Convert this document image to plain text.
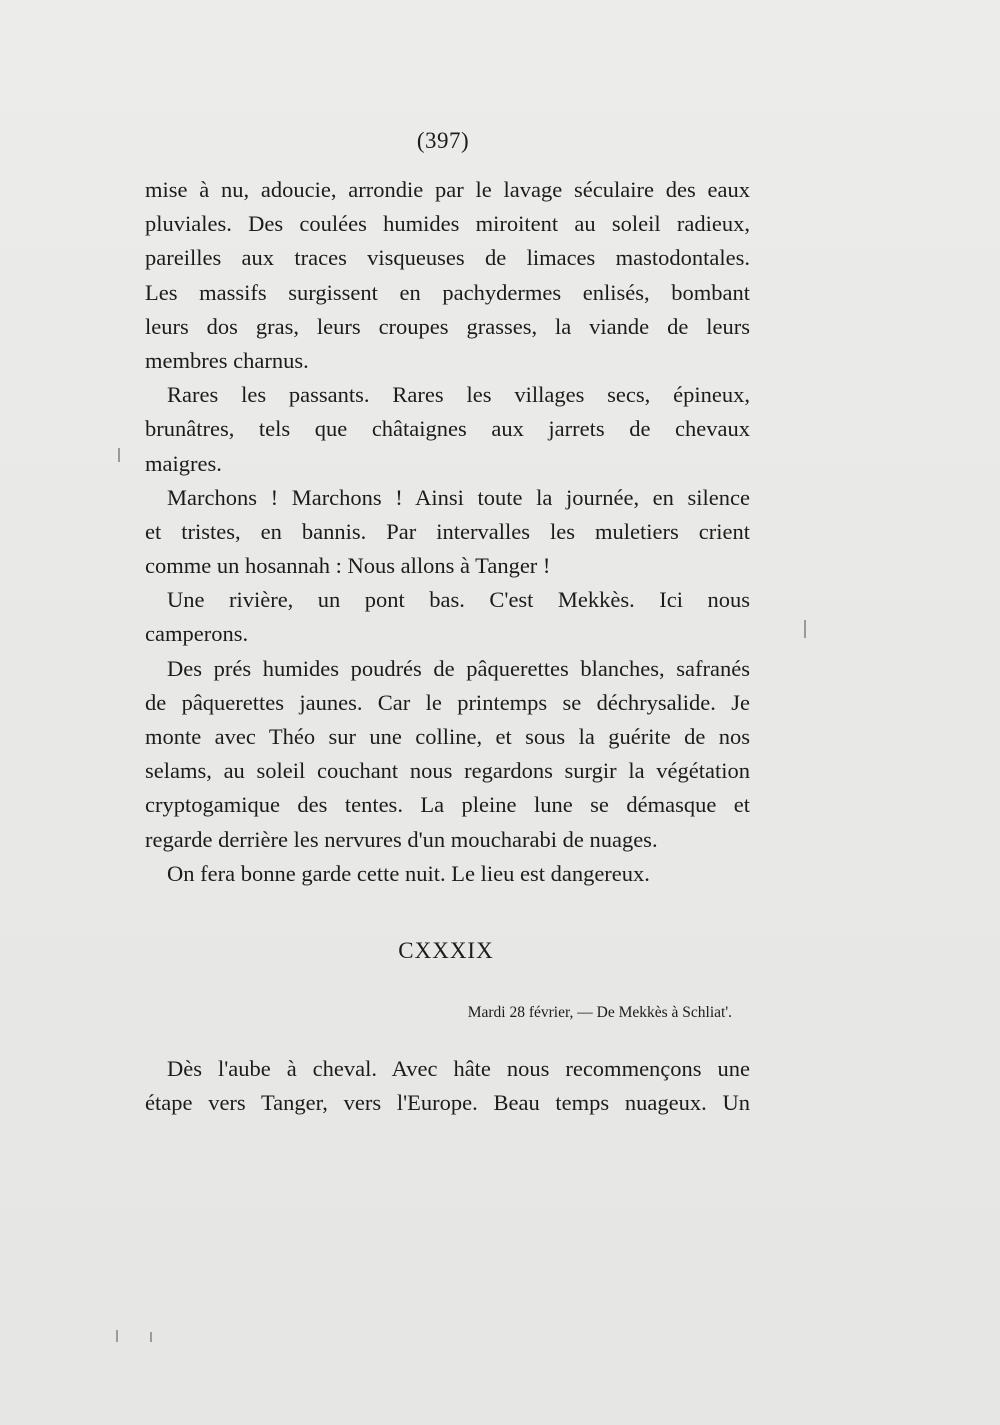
(397)
mise à nu, adoucie, arrondie par le lavage séculaire des eaux
pluviales. Des coulées humides miroitent au soleil radieux,
pareilles aux traces visqueuses de limaces mastodontales.
Les massifs surgissent en pachydermes enlisés, bombant
leurs dos gras, leurs croupes grasses, la viande de leurs
membres charnus.
Rares les passants. Rares les villages secs, épineux,
brunâtres, tels que châtaignes aux jarrets de chevaux
maigres.
Marchons ! Marchons ! Ainsi toute la journée, en silence
et tristes, en bannis. Par intervalles les muletiers crient
comme un hosannah : Nous allons à Tanger !
Une rivière, un pont bas. C'est Mekkès. Ici nous
camperons.
Des prés humides poudrés de pâquerettes blanches, safranés
de pâquerettes jaunes. Car le printemps se déchrysalide. Je
monte avec Théo sur une colline, et sous la guérite de nos
selams, au soleil couchant nous regardons surgir la végétation
cryptogamique des tentes. La pleine lune se démasque et
regarde derrière les nervures d'un moucharabi de nuages.
On fera bonne garde cette nuit. Le lieu est dangereux.
CXXXIX
Mardi 28 février, — De Mekkès à Schliat'.
Dès l'aube à cheval. Avec hâte nous recommençons une
étape vers Tanger, vers l'Europe. Beau temps nuageux. Un
